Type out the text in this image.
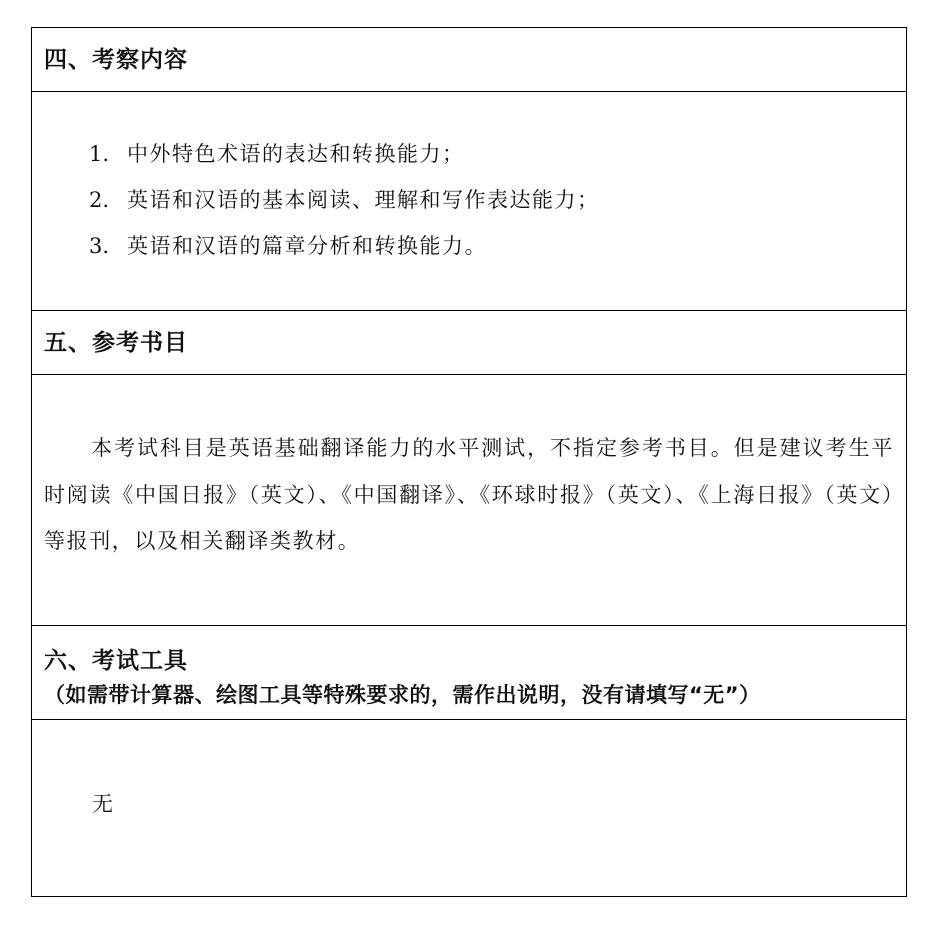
四、考察内容
1. 中外特色术语的表达和转换能力；
2. 英语和汉语的基本阅读、理解和写作表达能力；
3. 英语和汉语的篇章分析和转换能力。
五、参考书目
本考试科目是英语基础翻译能力的水平测试，不指定参考书目。但是建议考生平时阅读《中国日报》（英文）、《中国翻译》、《环球时报》（英文）、《上海日报》（英文）等报刊，以及相关翻译类教材。
六、考试工具（如需带计算器、绘图工具等特殊要求的，需作出说明，没有请填写“无”）
无
